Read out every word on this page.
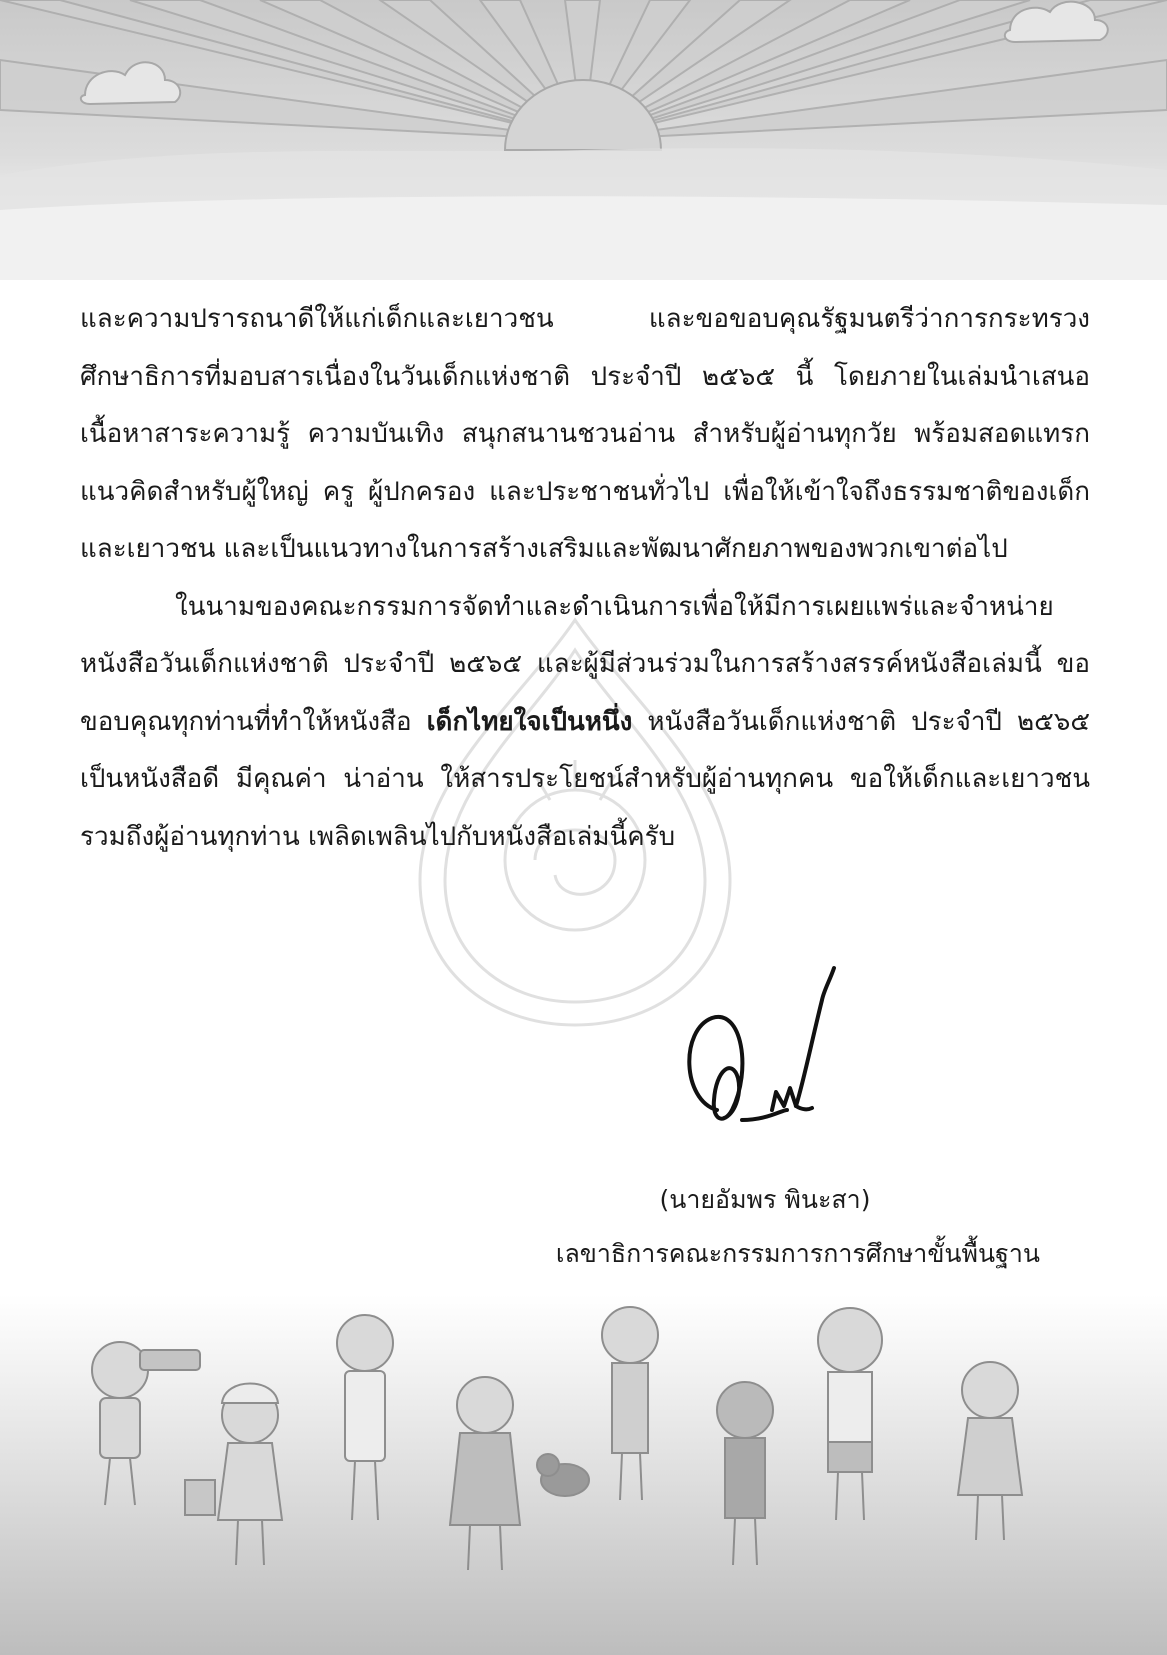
และความปรารถนาดีให้แก่เด็กและเยาวชน และขอขอบคุณรัฐมนตรีว่าการกระทรวงศึกษาธิการที่มอบสารเนื่องในวันเด็กแห่งชาติ ประจำปี ๒๕๖๕ นี้ โดยภายในเล่มนำเสนอเนื้อหาสาระความรู้ ความบันเทิง สนุกสนานชวนอ่าน สำหรับผู้อ่านทุกวัย พร้อมสอดแทรกแนวคิดสำหรับผู้ใหญ่ ครู ผู้ปกครอง และประชาชนทั่วไป เพื่อให้เข้าใจถึงธรรมชาติของเด็กและเยาวชน และเป็นแนวทางในการสร้างเสริมและพัฒนาศักยภาพของพวกเขาต่อไป

ในนามของคณะกรรมการจัดทำและดำเนินการเพื่อให้มีการเผยแพร่และจำหน่ายหนังสือวันเด็กแห่งชาติ ประจำปี ๒๕๖๕ และผู้มีส่วนร่วมในการสร้างสรรค์หนังสือเล่มนี้ ขอขอบคุณทุกท่านที่ทำให้หนังสือ เด็กไทยใจเป็นหนึ่ง หนังสือวันเด็กแห่งชาติ ประจำปี ๒๕๖๕ เป็นหนังสือดี มีคุณค่า น่าอ่าน ให้สารประโยชน์สำหรับผู้อ่านทุกคน ขอให้เด็กและเยาวชน รวมถึงผู้อ่านทุกท่าน เพลิดเพลินไปกับหนังสือเล่มนี้ครับ

(นายอัมพร พินะสา)

เลขาธิการคณะกรรมการการศึกษาขั้นพื้นฐาน
